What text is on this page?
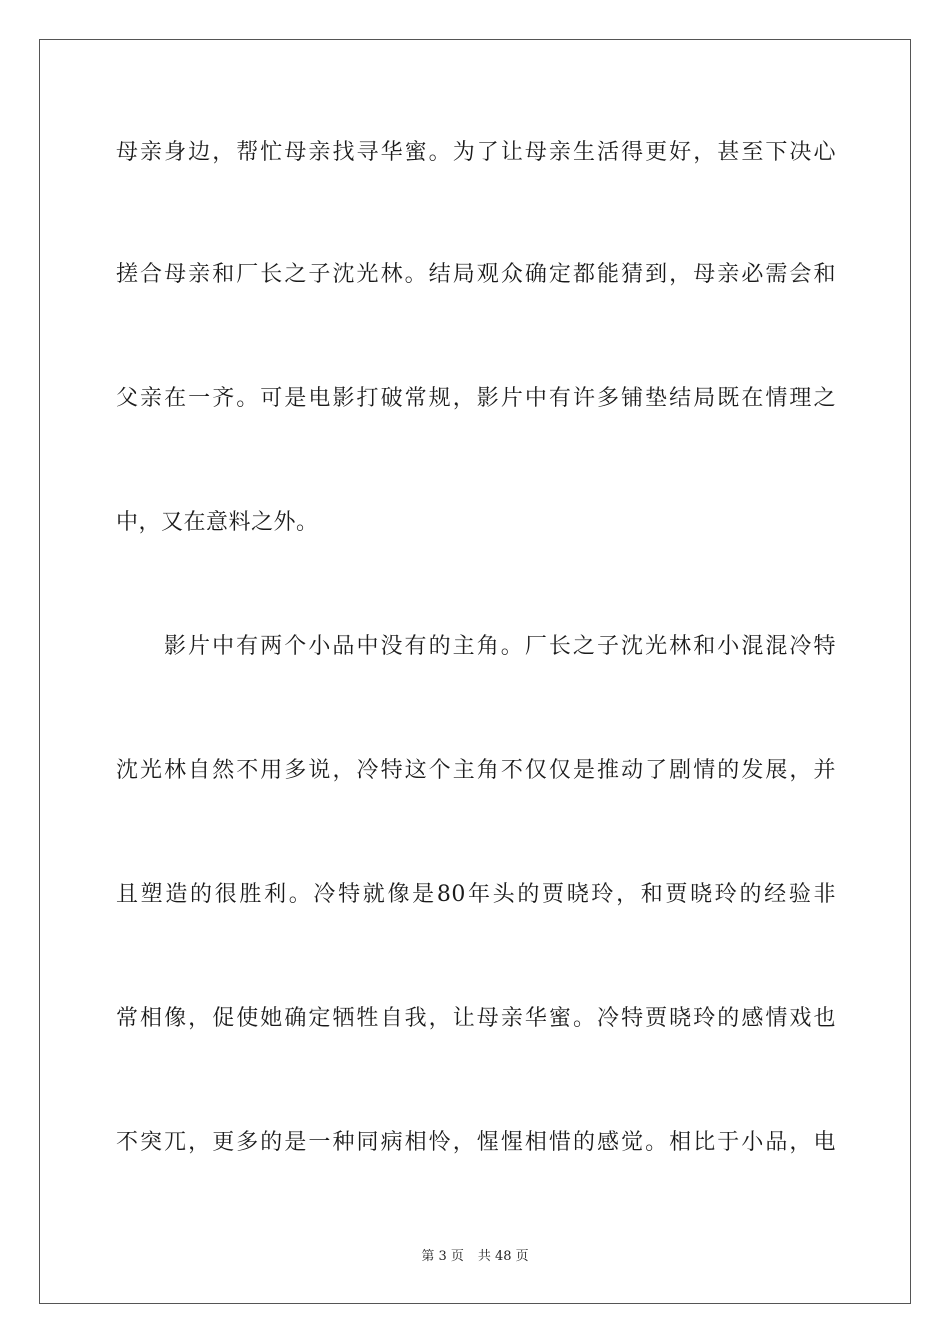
母亲身边，帮忙母亲找寻华蜜。为了让母亲生活得更好，甚至下决心
搓合母亲和厂长之子沈光林。结局观众确定都能猜到，母亲必需会和
父亲在一齐。可是电影打破常规，影片中有许多铺垫结局既在情理之
中，又在意料之外。
影片中有两个小品中没有的主角。厂长之子沈光林和小混混冷特
沈光林自然不用多说，冷特这个主角不仅仅是推动了剧情的发展，并
且塑造的很胜利。冷特就像是80年头的贾晓玲，和贾晓玲的经验非
常相像，促使她确定牺牲自我，让母亲华蜜。冷特贾晓玲的感情戏也
不突兀，更多的是一种同病相怜，惺惺相惜的感觉。相比于小品，电
第 3 页 共 48 页
